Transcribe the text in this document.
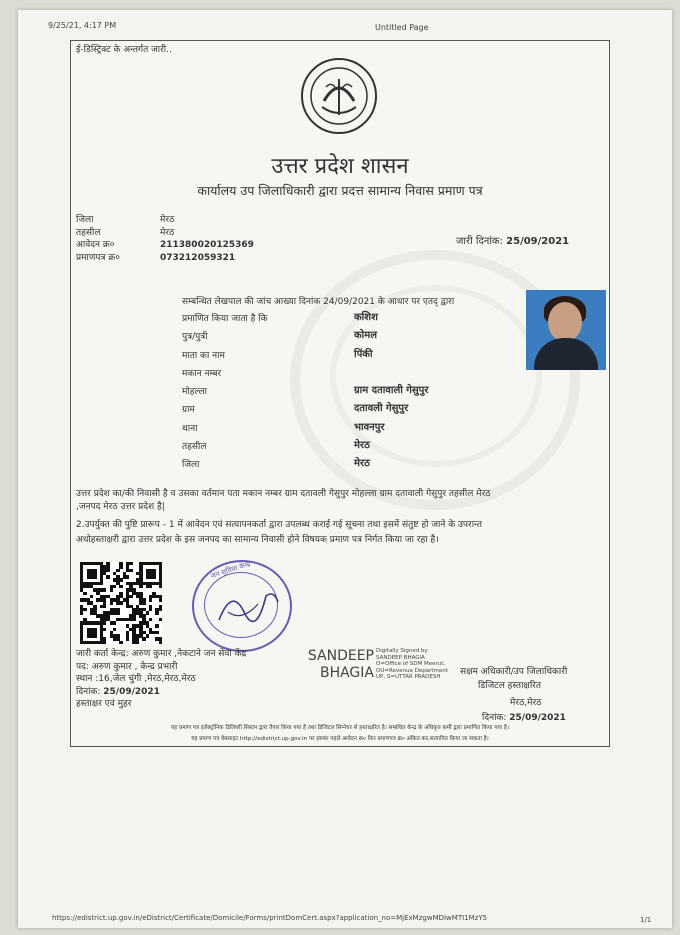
9/25/21, 4:17 PM	Untitled Page
ई-डिस्ट्रिक्ट के अन्तर्गत जारी..
उत्तर प्रदेश शासन
कार्यालय उप जिलाधिकारी द्वारा प्रदत्त सामान्य निवास प्रमाण पत्र
जिला
तहसील
आवेदन क्र०
प्रमाणपत्र क्र०
मेरठ
मेरठ
211380020125369
073212059321
जारी दिनांक: 25/09/2021
सम्बन्धित लेखपाल की जांच आख्या दिनांक 24/09/2021 के आधार पर एतद् द्वारा
प्रमाणित किया जाता है कि
पुत्र/पुत्री
माता का नाम
मकान नम्बर
मोहल्ला
ग्राम
थाना
तहसील
जिला
कशिश
कोमल
पिंकी
ग्राम दतावाली गेसुपुर
दतावली गेसुपुर
भावनपुर
मेरठ
मेरठ
उत्तर प्रदेश का/की निवासी है व उसका वर्तमान पता मकान नम्बर ग्राम दतावली गेसुपुर मोहल्ला ग्राम दतावाली गेसुपुर तहसील मेरठ
,जनपद मेरठ उत्तर प्रदेश है|
2.उपर्युक्त की पुष्टि प्रारूप - 1 में आवेदन एवं सत्यापनकर्ता द्वारा उपलब्ध कराई गई सूचना तथा इसमें संतुष्ट हो जाने के उपरान्त
अधोहस्ताक्षरी द्वारा उत्तर प्रदेश के इस जनपद का सामान्य निवासी होने विषयक प्रमाण पत्र निर्गत किया जा रहा है।
जन सुविधा केन्द्र
जारी कर्ता केन्द्र: अरुण कुमार ,नेकटाने जन सेवा केंद्र
पद: अरुण कुमार , केन्द्र प्रभारी
स्थान :16,जेल चुंगी ,मेरठ,मेरठ,मेरठ
दिनांक: 25/09/2021
हस्ताक्षर एवं मुहर
SANDEEP
BHAGIA
Digitally Signed by
SANDEEP BHAGIA
O=Office of SDM Meerut,
OU=Revenue Department
UP, S=UTTAR PRADESH
सक्षम अधिकारी/उप जिलाधिकारी
डिजिटल हस्ताक्षरित
मेरठ,मेरठ
दिनांक: 25/09/2021
यह प्रमाण पत्र इलेक्ट्रॉनिक डिलिवरी सिस्टम द्वारा तैयार किया गया है तथा डिजिटल सिग्नेचर से हस्ताक्षरित है। सम्बंधित केन्द्र के अधिकृत कर्मी द्वारा प्रमाणित किया गया है।
यह प्रमाण पत्र वेबसाइट http://edistrict.up.gov.in पर इसका पहले आवेदन क्र० फिर प्रमाणपत्र क्र० अंकित कर,सत्यापित किया जा सकता है।
https://edistrict.up.gov.in/eDistrict/Certificate/Domicile/Forms/printDomCert.aspx?application_no=MjExMzgwMDIwMTI1MzY5	1/1
